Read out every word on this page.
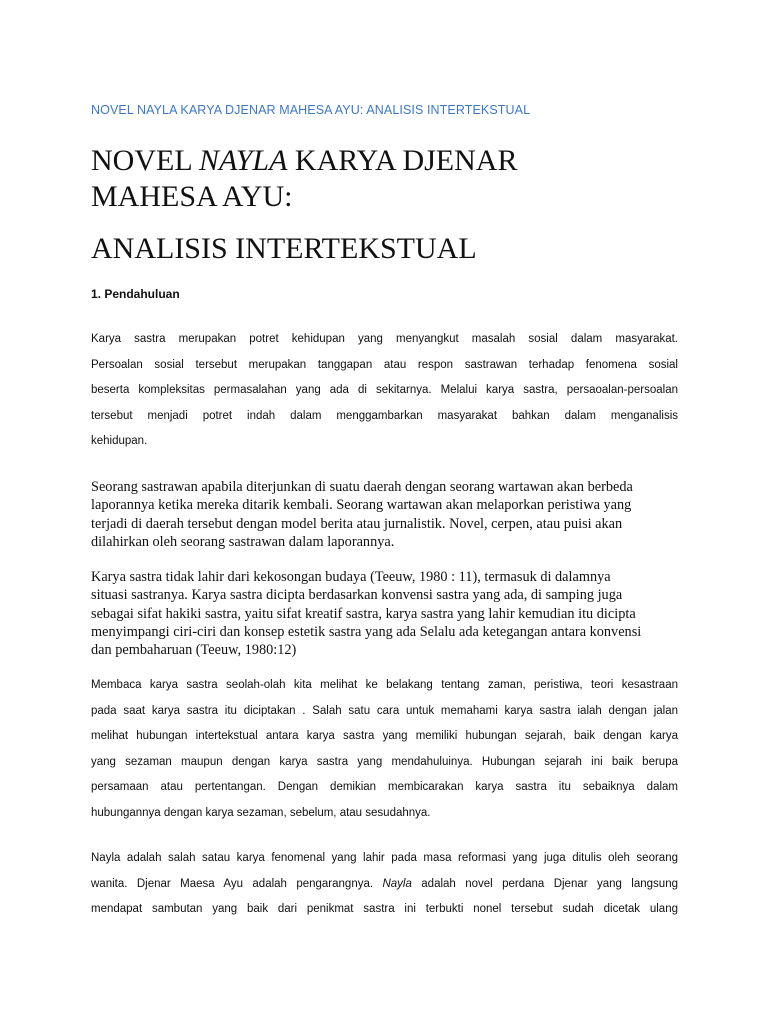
NOVEL NAYLA KARYA DJENAR MAHESA AYU: ANALISIS INTERTEKSTUAL
NOVEL NAYLA KARYA DJENAR
MAHESA AYU:
ANALISIS INTERTEKSTUAL
1. Pendahuluan

Karya sastra merupakan potret kehidupan yang menyangkut masalah sosial dalam masyarakat.
Persoalan sosial tersebut merupakan tanggapan atau respon sastrawan terhadap fenomena sosial
beserta kompleksitas permasalahan yang ada di sekitarnya. Melalui karya sastra, persaoalan-persoalan
tersebut menjadi potret indah dalam menggambarkan masyarakat bahkan dalam menganalisis
kehidupan.

Seorang sastrawan apabila diterjunkan di suatu daerah dengan seorang wartawan akan berbeda
laporannya ketika mereka ditarik kembali. Seorang wartawan akan melaporkan peristiwa yang
terjadi di daerah tersebut dengan model berita atau jurnalistik. Novel, cerpen, atau puisi akan
dilahirkan oleh seorang sastrawan dalam laporannya.

Karya sastra tidak lahir dari kekosongan budaya (Teeuw, 1980 : 11), termasuk di dalamnya
situasi sastranya. Karya sastra dicipta berdasarkan konvensi sastra yang ada, di samping juga
sebagai sifat hakiki sastra, yaitu sifat kreatif sastra, karya sastra yang lahir kemudian itu dicipta
menyimpangi ciri-ciri dan konsep estetik sastra yang ada Selalu ada ketegangan antara konvensi
dan pembaharuan (Teeuw, 1980:12)

Membaca karya sastra seolah-olah kita melihat ke belakang tentang zaman, peristiwa, teori kesastraan
pada saat karya sastra itu diciptakan . Salah satu cara untuk memahami karya sastra ialah dengan jalan
melihat hubungan intertekstual antara karya sastra yang memiliki hubungan sejarah, baik dengan karya
yang sezaman maupun dengan karya sastra yang mendahuluinya. Hubungan sejarah ini baik berupa
persamaan atau pertentangan. Dengan demikian membicarakan karya sastra itu sebaiknya dalam
hubungannya dengan karya sezaman, sebelum, atau sesudahnya.

Nayla adalah salah satau karya fenomenal yang lahir pada masa reformasi yang juga ditulis oleh seorang
wanita. Djenar Maesa Ayu adalah pengarangnya. Nayla adalah novel perdana Djenar yang langsung
mendapat sambutan yang baik dari penikmat sastra ini terbukti nonel tersebut sudah dicetak ulang
